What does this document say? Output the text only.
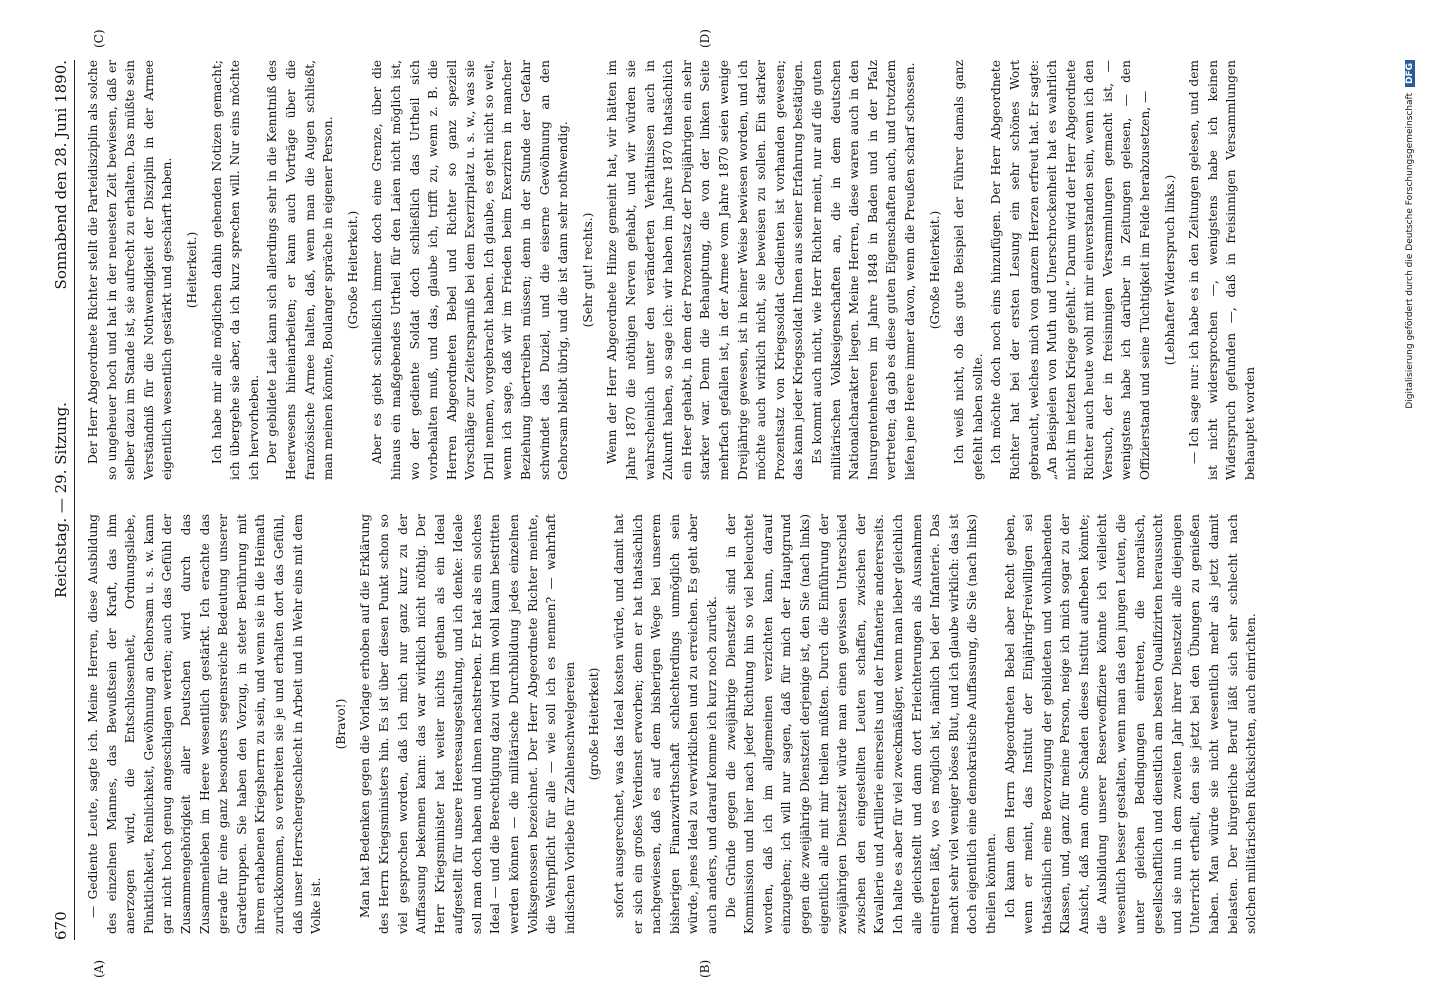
670
Reichstag. — 29. Sitzung.
Sonnabend den 28. Juni 1890.
(A)	(B)
(C)	(D)

— Gediente Leute, sagte ich. Meine Herren, diese Ausbildung des einzelnen Mannes, das Bewußtsein der Kraft, das ihm anerzogen wird, die Entschlossenheit, Ordnungsliebe, Pünktlichkeit, Reinlichkeit, Gewöhnung an Gehorsam u. s. w. kann gar nicht hoch genug angeschlagen werden; auch das Gefühl der Zusammengehörigkeit aller Deutschen wird durch das Zusammenleben im Heere wesentlich gestärkt. Ich erachte das gerade für eine ganz besonders segensreiche Bedeutung unserer Gardetruppen. Sie haben den Vorzug, in steter Berührung mit ihrem erhabenen Kriegsherrn zu sein, und wenn sie in die Heimath zurückkommen, so verbreiten sie je und erhalten dort das Gefühl, daß unser Herrschergeschlecht in Arbeit und in Wehr eins mit dem Volke ist.

(Bravo!) Man hat Bedenken gegen die Vorlage erhoben auf die Erklärung des Herrn Kriegsministers hin. Es ist über diesen Punkt schon so viel gesprochen worden, daß ich mich nur ganz kurz zu der Auffassung bekennen kann: das war wirklich nicht nöthig. Der Herr Kriegsminister hat weiter nichts gethan als ein Ideal aufgestellt für unsere Heeresausgestaltung, und ich denke: Ideale soll man doch haben und ihnen nachstreben. Er hat als ein solches Ideal — und die Berechtigung dazu wird ihm wohl kaum bestritten werden können — die militärische Durchbildung jedes einzelnen Volksgenossen bezeichnet. Der Herr Abgeordnete Richter meinte, die Wehrpflicht für alle — wie soll ich es nennen? — wahrhaft indischen Vorliebe für Zahlenschwelgereien (große Heiterkeit) sofort ausgerechnet, was das Ideal kosten würde, und damit hat er sich ein großes Verdienst erworben; denn er hat thatsächlich nachgewiesen, daß es auf dem bisherigen Wege bei unserem bisherigen Finanzwirthschaft schlechterdings unmöglich sein würde, jenes Ideal zu verwirklichen und zu erreichen. Es geht aber auch anders, und darauf komme ich kurz noch zurück. Die Gründe gegen die zweijährige Dienstzeit sind in der Kommission und hier nach jeder Richtung hin so viel beleuchtet worden, daß ich im allgemeinen verzichten kann, darauf einzugehen; ich will nur sagen, daß für mich der Hauptgrund gegen die zweijährige Dienstzeit derjenige ist, den Sie (nach links) eigentlich alle mit mir theilen müßten. Durch die Einführung der zweijährigen Dienstzeit würde man einen gewissen Unterschied zwischen den eingestellten Leuten schaffen, zwischen der Kavallerie und Artillerie einerseits und der Infanterie andererseits. Ich halte es aber für viel zweckmäßiger, wenn man lieber gleichlich alle gleichstellt und dann dort Erleichterungen als Ausnahmen eintreten läßt, wo es möglich ist, nämlich bei der Infanterie. Das macht sehr viel weniger böses Blut, und ich glaube wirklich: das ist doch eigentlich eine demokratische Auffassung, die Sie (nach links) theilen könnten. Ich kann dem Herrn Abgeordneten Bebel aber Recht geben, wenn er meint, das Institut der Einjährig-Freiwilligen sei thatsächlich eine Bevorzugung der gebildeten und wohlhabenden Klassen, und, ganz für meine Person, neige ich mich sogar zu der Ansicht, daß man ohne Schaden dieses Institut aufheben könnte; die Ausbildung unserer Reserveoffiziere könnte ich vielleicht wesentlich besser gestalten, wenn man das den jungen Leuten, die unter gleichen Bedingungen eintreten, die moralisch, gesellschaftlich und dienstlich am besten Qualifizirten heraussucht und sie nun in dem zweiten Jahr ihrer Dienstzeit alle diejenigen Unterricht ertheilt, den sie jetzt bei den Übungen zu genießen haben. Man würde sie nicht wesentlich mehr als jetzt damit belasten. Der bürgerliche Beruf läßt sich sehr schlecht nach solchen militärischen Rücksichten, auch einrichten.

Der Herr Abgeordnete Richter stellt die Parteidisziplin als solche so ungeheuer hoch und hat in der neuesten Zeit bewiesen, daß er selber dazu im Stande ist, sie aufrecht zu erhalten. Das müßte sein Verständniß für die Nothwendigkeit der Disziplin in der Armee eigentlich wesentlich gestärkt und geschärft haben. (Heiterkeit.) Ich habe mir alle möglichen dahin gehenden Notizen gemacht; ich übergehe sie aber, da ich kurz sprechen will. Nur eins möchte ich hervorheben. Der gebildete Laie kann sich allerdings sehr in die Kenntniß des Heerwesens hineinarbeiten; er kann auch Vorträge über die französische Armee halten, daß, wenn man die Augen schließt, man meinen könnte, Boulanger spräche in eigener Person. (Große Heiterkeit.) Aber es giebt schließlich immer doch eine Grenze, über die hinaus ein maßgebendes Urtheil für den Laien nicht möglich ist, wo der gediente Soldat doch schließlich das Urtheil sich vorbehalten muß, und das, glaube ich, trifft zu, wenn z. B. die Herren Abgeordneten Bebel und Richter so ganz speziell Vorschläge zur Zeitersparniß bei dem Exerzirplatz u. s. w., was sie Drill nennen, vorgebracht haben. Ich glaube, es geht nicht so weit, wenn ich sage, daß wir im Frieden beim Exerziren in mancher Beziehung übertreiben müssen; denn in der Stunde der Gefahr schwindet das Duziel, und die eiserne Gewöhnung an den Gehorsam bleibt übrig, und die ist dann sehr nothwendig. (Sehr gut! rechts.) Wenn der Herr Abgeordnete Hinze gemeint hat, wir hätten im Jahre 1870 die nöthigen Nerven gehabt, und wir würden sie wahrscheinlich unter den veränderten Verhältnissen auch in Zukunft haben, so sage ich: wir haben im Jahre 1870 thatsächlich ein Heer gehabt, in dem der Prozentsatz der Dreijährigen ein sehr starker war. Denn die Behauptung, die von der linken Seite mehrfach gefallen ist, in der Armee vom Jahre 1870 seien wenige Dreijährige gewesen, ist in keiner Weise bewiesen worden, und ich möchte auch wirklich nicht, sie beweisen zu sollen. Ein starker Prozentsatz von Kriegssoldat Gedienten ist vorhanden gewesen; das kann jeder Kriegssoldat Ihnen aus seiner Erfahrung bestätigen. Es kommt auch nicht, wie Herr Richter meint, nur auf die guten militärischen Volkseigenschaften an, die in dem deutschen Nationalcharakter liegen. Meine Herren, diese waren auch in den Insurgentenheeren im Jahre 1848 in Baden und in der Pfalz vertreten; da gab es diese guten Eigenschaften auch, und trotzdem liefen jene Heere immer davon, wenn die Preußen scharf schossen. (Große Heiterkeit.) Ich weiß nicht, ob das gute Beispiel der Führer damals ganz gefehlt haben sollte. Ich möchte doch noch eins hinzufügen. Der Herr Abgeordnete Richter hat bei der ersten Lesung ein sehr schönes Wort gebraucht, welches mich von ganzem Herzen erfreut hat. Er sagte: „An Beispielen von Muth und Unerschrockenheit hat es wahrlich nicht im letzten Kriege gefehlt.“ Darum wird der Herr Abgeordnete Richter auch heute wohl mit mir einverstanden sein, wenn ich den Versuch, der in freisinnigen Versammlungen gemacht ist, — wenigstens habe ich darüber in Zeitungen gelesen, — den Offizierstand und seine Tüchtigkeit im Felde herabzusetzen, — (Lebhafter Widerspruch links.) — Ich sage nur: ich habe es in den Zeitungen gelesen, und dem ist nicht widersprochen —, wenigstens habe ich keinen Widerspruch gefunden —, daß in freisinnigen Versammlungen behauptet worden

Digitalisierung gefördert durch die Deutsche Forschungsgemeinschaft DFG
